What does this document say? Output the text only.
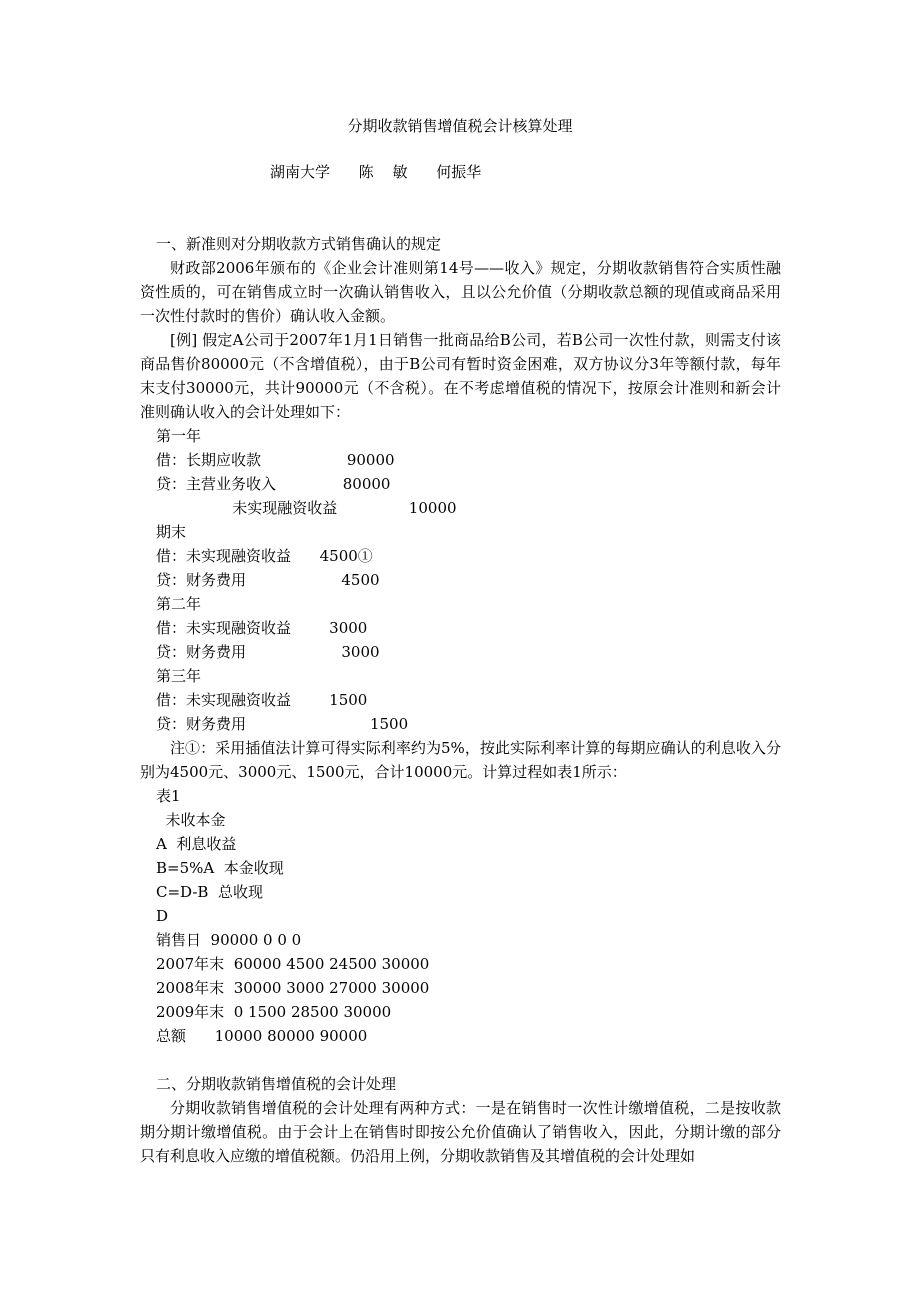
分期收款销售增值税会计核算处理
湖南大学      陈    敏      何振华

一、新准则对分期收款方式销售确认的规定

财政部2006年颁布的《企业会计准则第14号——收入》规定，分期收款销售符合实质性融资性质的，可在销售成立时一次确认销售收入，且以公允价值（分期收款总额的现值或商品采用一次性付款时的售价）确认收入金额。

[例] 假定A公司于2007年1月1日销售一批商品给B公司，若B公司一次性付款，则需支付该商品售价80000元（不含增值税），由于B公司有暂时资金困难，双方协议分3年等额付款，每年末支付30000元，共计90000元（不含税）。在不考虑增值税的情况下，按原会计准则和新会计准则确认收入的会计处理如下：

第一年

借：长期应收款                  90000

贷：主营业务收入              80000

未实现融资收益               10000

期末

借：未实现融资收益      4500①

贷：财务费用                    4500

第二年

借：未实现融资收益        3000

贷：财务费用                    3000

第三年

借：未实现融资收益        1500

贷：财务费用                          1500

注①：采用插值法计算可得实际利率约为5%，按此实际利率计算的每期应确认的利息收入分别为4500元、3000元、1500元，合计10000元。计算过程如表1所示：

表1

未收本金

A  利息收益

B=5%A  本金收现

C=D-B  总收现

D

销售日  90000 0 0 0

2007年末  60000 4500 24500 30000

2008年末  30000 3000 27000 30000

2009年末  0 1500 28500 30000

总额      10000 80000 90000

二、分期收款销售增值税的会计处理

分期收款销售增值税的会计处理有两种方式：一是在销售时一次性计缴增值税，二是按收款期分期计缴增值税。由于会计上在销售时即按公允价值确认了销售收入，因此，分期计缴的部分只有利息收入应缴的增值税额。仍沿用上例，分期收款销售及其增值税的会计处理如
